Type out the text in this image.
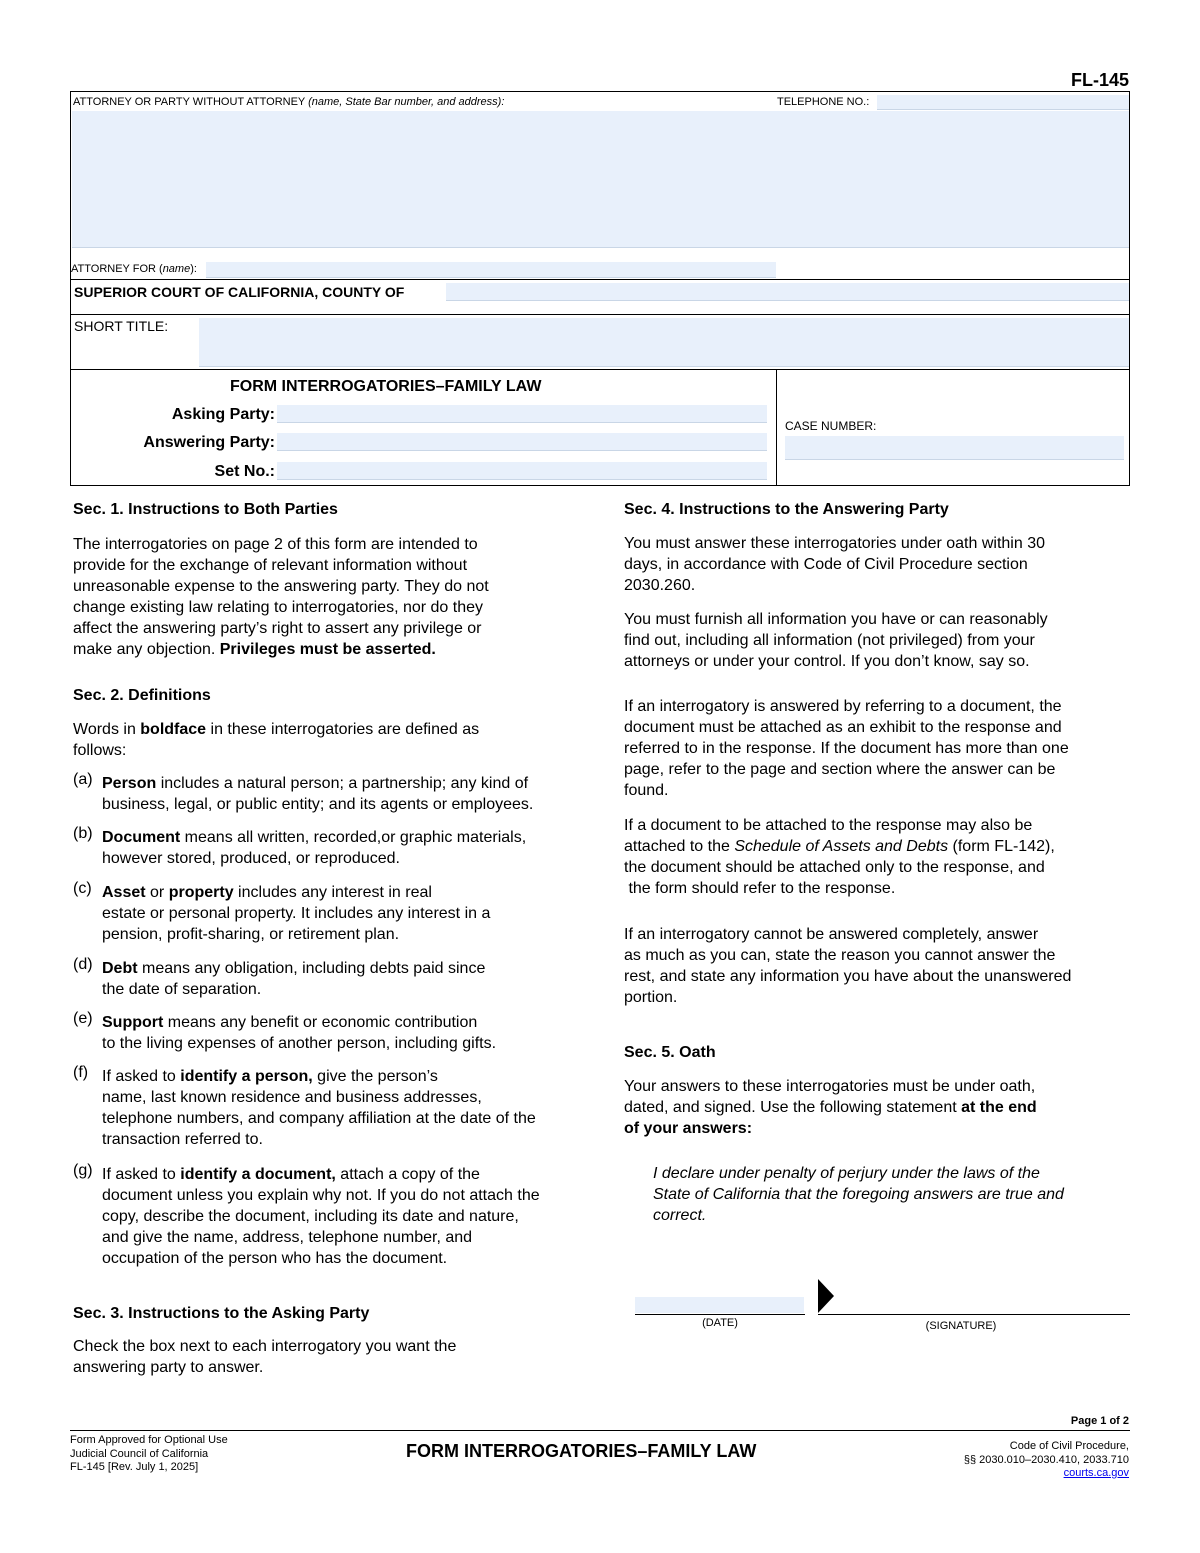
FL-145
ATTORNEY OR PARTY WITHOUT ATTORNEY (name, State Bar number, and address):	TELEPHONE NO.:
ATTORNEY FOR (name):
SUPERIOR COURT OF CALIFORNIA, COUNTY OF
SHORT TITLE:
FORM INTERROGATORIES–FAMILY LAW
Asking Party:
Answering Party:
Set No.:
CASE NUMBER:
Sec. 1. Instructions to Both Parties

The interrogatories on page 2 of this form are intended to

provide for the exchange of relevant information without

unreasonable expense to the answering party. They do not

change existing law relating to interrogatories, nor do they

affect the answering party’s right to assert any privilege or

make any objection. Privileges must be asserted.

Sec. 2. Definitions

Words in boldface in these interrogatories are defined as

follows:

(a) Person includes a natural person; a partnership; any kind of
business, legal, or public entity; and its agents or employees.
(b) Document means all written, recorded,or graphic materials,
however stored, produced, or reproduced.
(c) Asset or property includes any interest in real
estate or personal property. It includes any interest in a
pension, profit-sharing, or retirement plan.
(d) Debt means any obligation, including debts paid since
the date of separation.
(e) Support means any benefit or economic contribution
to the living expenses of another person, including gifts.
(f) If asked to identify a person, give the person’s
name, last known residence and business addresses,
telephone numbers, and company affiliation at the date of the
transaction referred to.
(g) If asked to identify a document, attach a copy of the
document unless you explain why not. If you do not attach the
copy, describe the document, including its date and nature,
and give the name, address, telephone number, and
occupation of the person who has the document.
Sec. 3. Instructions to the Asking Party

Check the box next to each interrogatory you want the

answering party to answer.

Sec. 4. Instructions to the Answering Party

You must answer these interrogatories under oath within 30

days, in accordance with Code of Civil Procedure section

2030.260.

You must furnish all information you have or can reasonably

find out, including all information (not privileged) from your

attorneys or under your control. If you don’t know, say so.

If an interrogatory is answered by referring to a document, the

document must be attached as an exhibit to the response and

referred to in the response. If the document has more than one

page, refer to the page and section where the answer can be

found.

If a document to be attached to the response may also be

attached to the Schedule of Assets and Debts (form FL-142),

the document should be attached only to the response, and

the form should refer to the response.

If an interrogatory cannot be answered completely, answer

as much as you can, state the reason you cannot answer the

rest, and state any information you have about the unanswered

portion.

Sec. 5. Oath

Your answers to these interrogatories must be under oath,

dated, and signed. Use the following statement at the end

of your answers:

I declare under penalty of perjury under the laws of the

State of California that the foregoing answers are true and

correct.

(DATE)	(SIGNATURE)
Page 1 of 2
Form Approved for Optional Use
Judicial Council of California
FL-145 [Rev. July 1, 2025]
FORM INTERROGATORIES–FAMILY LAW	Code of Civil Procedure,
§§ 2030.010–2030.410, 2033.710
courts.ca.gov
